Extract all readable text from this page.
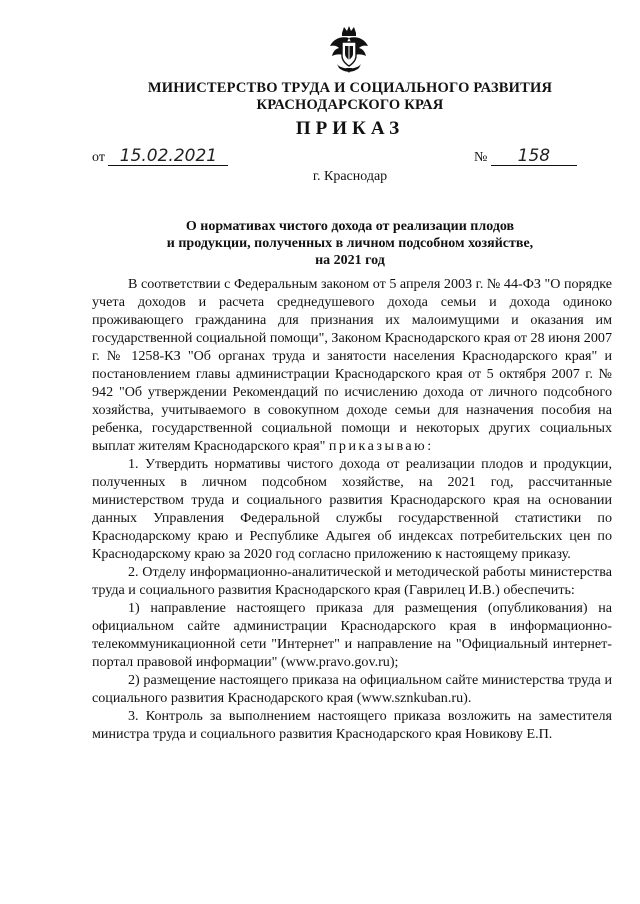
МИНИСТЕРСТВО ТРУДА И СОЦИАЛЬНОГО РАЗВИТИЯ
КРАСНОДАРСКОГО КРАЯ
ПРИКАЗ
от 15.02.2021	№ 158
г. Краснодар
О нормативах чистого дохода от реализации плодов
и продукции, полученных в личном подсобном хозяйстве,
на 2021 год

В соответствии с Федеральным законом от 5 апреля 2003 г. № 44-ФЗ "О порядке учета доходов и расчета среднедушевого дохода семьи и дохода одиноко проживающего гражданина для признания их малоимущими и оказания им государственной социальной помощи", Законом Краснодарского края от 28 июня 2007 г. № 1258-КЗ "Об органах труда и занятости населения Краснодарского края" и постановлением главы администрации Краснодарского края от 5 октября 2007 г. № 942 "Об утверждении Рекомендаций по исчислению дохода от личного подсобного хозяйства, учитываемого в совокупном доходе семьи для назначения пособия на ребенка, государственной социальной помощи и некоторых других социальных выплат жителям Краснодарского края" приказываю:

1. Утвердить нормативы чистого дохода от реализации плодов и продукции, полученных в личном подсобном хозяйстве, на 2021 год, рассчитанные министерством труда и социального развития Краснодарского края на основании данных Управления Федеральной службы государственной статистики по Краснодарскому краю и Республике Адыгея об индексах потребительских цен по Краснодарскому краю за 2020 год согласно приложению к настоящему приказу.

2. Отделу информационно-аналитической и методической работы министерства труда и социального развития Краснодарского края (Гаврилец И.В.) обеспечить:

1) направление настоящего приказа для размещения (опубликования) на официальном сайте администрации Краснодарского края в информационно-телекоммуникационной сети "Интернет" и направление на "Официальный интернет-портал правовой информации" (www.pravo.gov.ru);

2) размещение настоящего приказа на официальном сайте министерства труда и социального развития Краснодарского края (www.sznkuban.ru).

3. Контроль за выполнением настоящего приказа возложить на заместителя министра труда и социального развития Краснодарского края Новикову Е.П.
